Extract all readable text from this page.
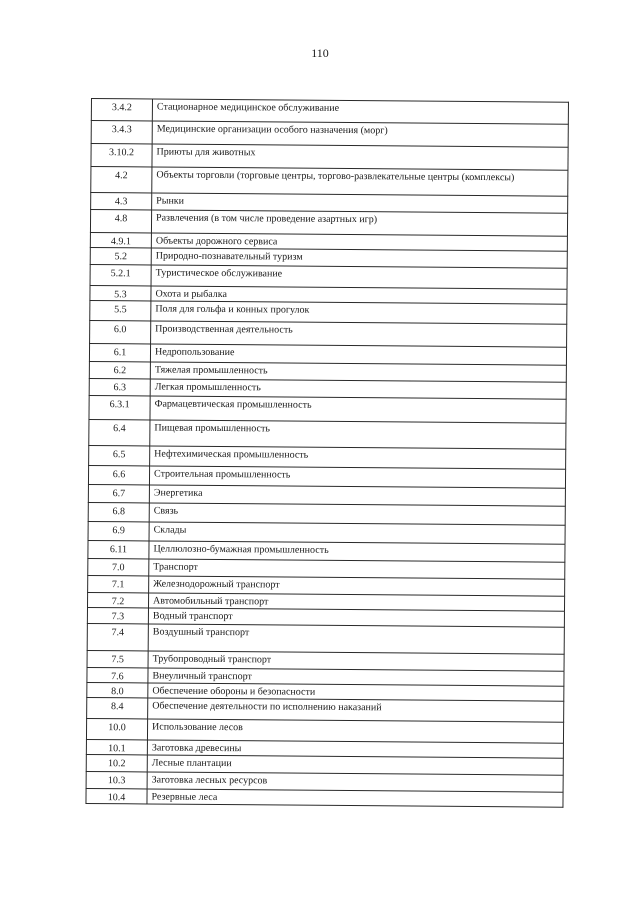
110
3.4.2	Стационарное медицинское обслуживание
3.4.3	Медицинские организации особого назначения (морг)
3.10.2	Приюты для животных
4.2	Объекты торговли (торговые центры, торгово-развлекательные центры (комплексы)
4.3	Рынки
4.8	Развлечения (в том числе проведение азартных игр)
4.9.1	Объекты дорожного сервиса
5.2	Природно-познавательный туризм
5.2.1	Туристическое обслуживание
5.3	Охота и рыбалка
5.5	Поля для гольфа и конных прогулок
6.0	Производственная деятельность
6.1	Недропользование
6.2	Тяжелая промышленность
6.3	Легкая промышленность
6.3.1	Фармацевтическая промышленность
6.4	Пищевая промышленность
6.5	Нефтехимическая промышленность
6.6	Строительная промышленность
6.7	Энергетика
6.8	Связь
6.9	Склады
6.11	Целлюлозно-бумажная промышленность
7.0	Транспорт
7.1	Железнодорожный транспорт
7.2	Автомобильный транспорт
7.3	Водный транспорт
7.4	Воздушный транспорт
7.5	Трубопроводный транспорт
7.6	Внеуличный транспорт
8.0	Обеспечение обороны и безопасности
8.4	Обеспечение деятельности по исполнению наказаний
10.0	Использование лесов
10.1	Заготовка древесины
10.2	Лесные плантации
10.3	Заготовка лесных ресурсов
10.4	Резервные леса
